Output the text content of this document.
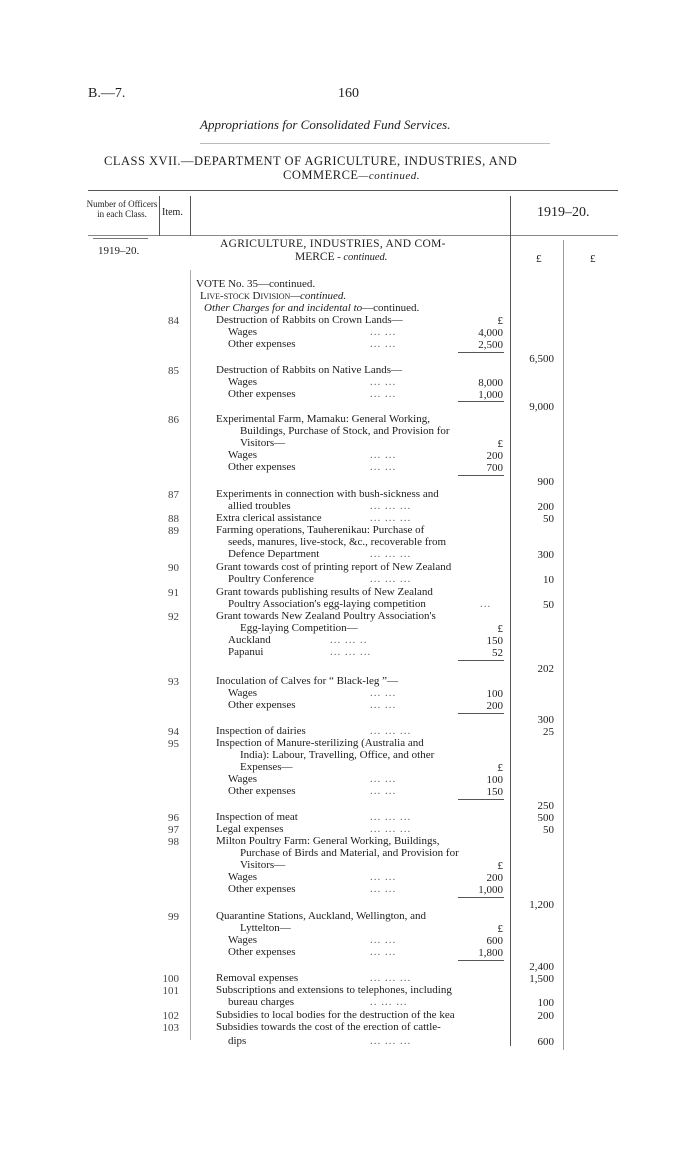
B.—7.	160
Appropriations for Consolidated Fund Services.
CLASS XVII.—DEPARTMENT OF AGRICULTURE, INDUSTRIES, AND
COMMERCE—continued.
Number of Officers in each Class.	Item.	1919–20.
1919–20.
AGRICULTURE, INDUSTRIES, AND COM-
MERCE - continued.	£	£
VOTE No. 35—continued.
Live-stock Division—continued.
Other Charges for and incidental to—continued.
84	Destruction of Rabbits on Crown Lands—	£
Wages	... ...	4,000
Other expenses	... ...	2,500
6,500
85	Destruction of Rabbits on Native Lands—
Wages	... ...	8,000
Other expenses	... ...	1,000
9,000
86	Experimental Farm, Mamaku: General Working,
Buildings, Purchase of Stock, and Provision for
Visitors—	£
Wages	... ...	200
Other expenses	... ...	700
900
87	Experiments in connection with bush-sickness and
allied troubles	... ... ...	200
88	Extra clerical assistance	... ... ...	50
89	Farming operations, Tauherenikau: Purchase of
seeds, manures, live-stock, &c., recoverable from
Defence Department	... ... ...	300
90	Grant towards cost of printing report of New Zealand
Poultry Conference	... ... ...	10
91	Grant towards publishing results of New Zealand
Poultry Association's egg-laying competition	...	50
92	Grant towards New Zealand Poultry Association's
Egg-laying Competition—	£
Auckland	... ... ..	150
Papanui	... ... ...	52
202
93	Inoculation of Calves for “ Black-leg ”—
Wages	... ...	100
Other expenses	... ...	200
300
94	Inspection of dairies	... ... ...	25
95	Inspection of Manure-sterilizing (Australia and
India): Labour, Travelling, Office, and other
Expenses—	£
Wages	... ...	100
Other expenses	... ...	150
250
96	Inspection of meat	... ... ...	500
97	Legal expenses	... ... ...	50
98	Milton Poultry Farm: General Working, Buildings,
Purchase of Birds and Material, and Provision for
Visitors—	£
Wages	... ...	200
Other expenses	... ...	1,000
1,200
99	Quarantine Stations, Auckland, Wellington, and
Lyttelton—	£
Wages	... ...	600
Other expenses	... ...	1,800
2,400
100	Removal expenses	... ... ...	1,500
101	Subscriptions and extensions to telephones, including
bureau charges	.. ... ...	100
102	Subsidies to local bodies for the destruction of the kea	200
103	Subsidies towards the cost of the erection of cattle-
dips	... ... ...	600
